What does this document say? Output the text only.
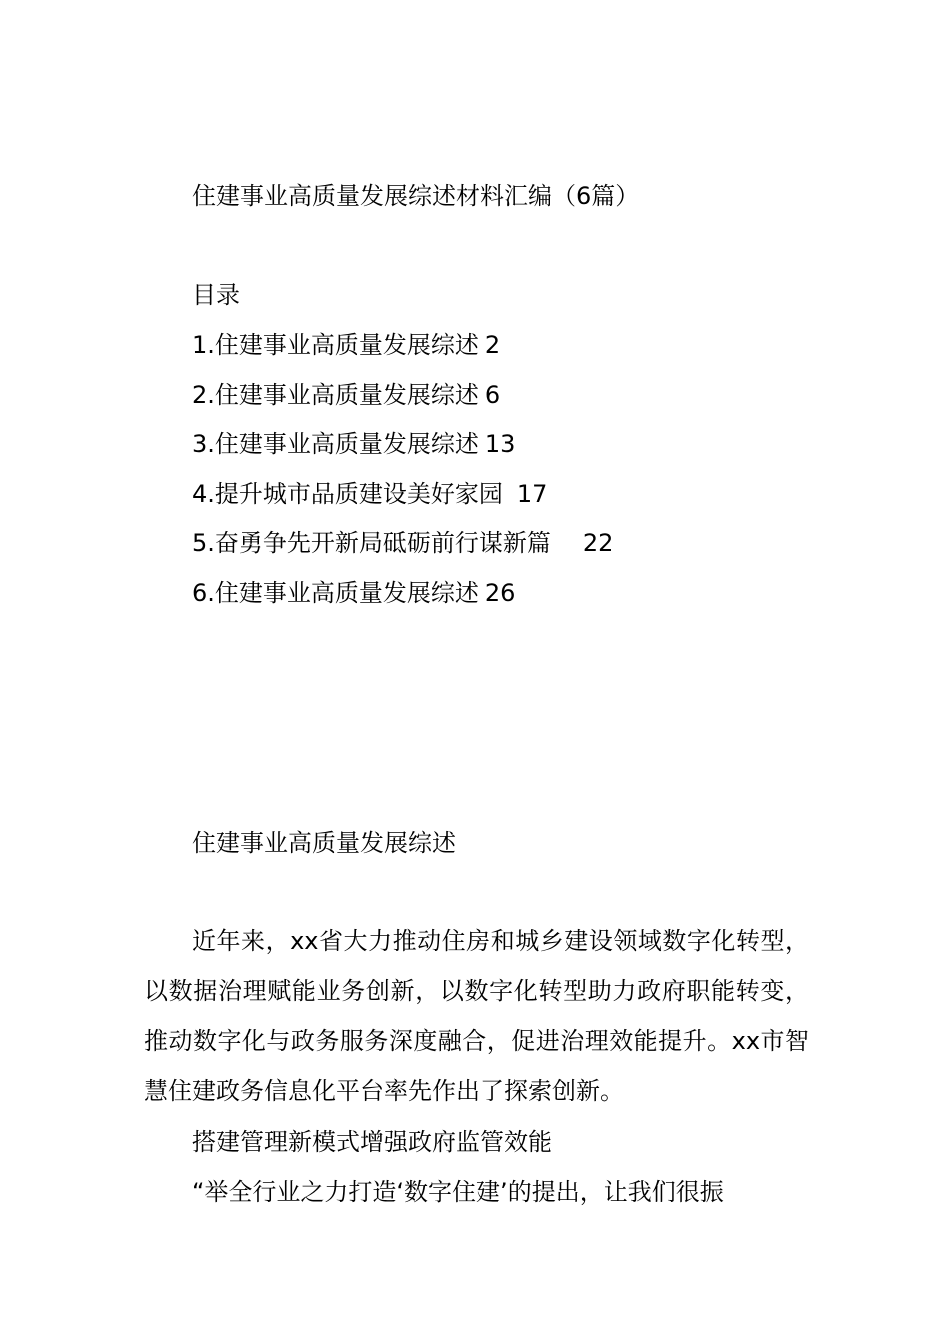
住建事业高质量发展综述材料汇编（6篇）
目录
1.住建事业高质量发展综述 2
2.住建事业高质量发展综述 6
3.住建事业高质量发展综述 13
4.提升城市品质建设美好家园 17
5.奋勇争先开新局砥砺前行谋新篇 22
6.住建事业高质量发展综述 26
住建事业高质量发展综述
近年来，xx省大力推动住房和城乡建设领域数字化转型，以数据治理赋能业务创新，以数字化转型助力政府职能转变，推动数字化与政务服务深度融合，促进治理效能提升。xx市智慧住建政务信息化平台率先作出了探索创新。
搭建管理新模式增强政府监管效能
“举全行业之力打造‘数字住建’的提出，让我们很振
